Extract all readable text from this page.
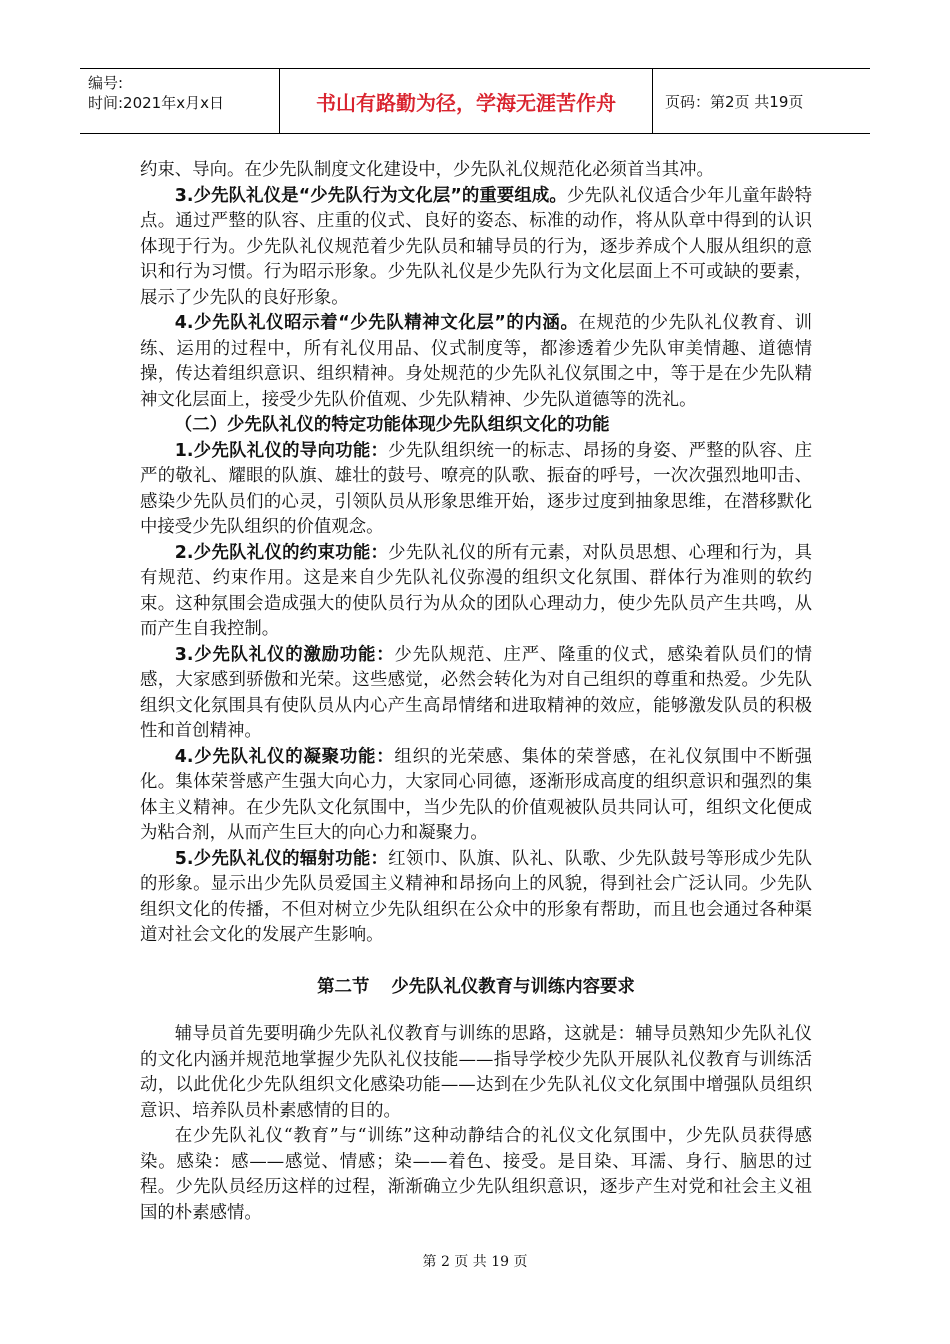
编号:
时间:2021年x月x日	书山有路勤为径，学海无涯苦作舟	页码：第2页 共19页

约束、导向。在少先队制度文化建设中，少先队礼仪规范化必须首当其冲。

3.少先队礼仪是“少先队行为文化层”的重要组成。少先队礼仪适合少年儿童年龄特点。通过严整的队容、庄重的仪式、良好的姿态、标准的动作，将从队章中得到的认识体现于行为。少先队礼仪规范着少先队员和辅导员的行为，逐步养成个人服从组织的意识和行为习惯。行为昭示形象。少先队礼仪是少先队行为文化层面上不可或缺的要素，展示了少先队的良好形象。

4.少先队礼仪昭示着“少先队精神文化层”的内涵。在规范的少先队礼仪教育、训练、运用的过程中，所有礼仪用品、仪式制度等，都渗透着少先队审美情趣、道德情操，传达着组织意识、组织精神。身处规范的少先队礼仪氛围之中，等于是在少先队精神文化层面上，接受少先队价值观、少先队精神、少先队道德等的洗礼。

（二）少先队礼仪的特定功能体现少先队组织文化的功能

1.少先队礼仪的导向功能：少先队组织统一的标志、昂扬的身姿、严整的队容、庄严的敬礼、耀眼的队旗、雄壮的鼓号、嘹亮的队歌、振奋的呼号，一次次强烈地叩击、感染少先队员们的心灵，引领队员从形象思维开始，逐步过度到抽象思维，在潜移默化中接受少先队组织的价值观念。

2.少先队礼仪的约束功能：少先队礼仪的所有元素，对队员思想、心理和行为，具有规范、约束作用。这是来自少先队礼仪弥漫的组织文化氛围、群体行为准则的软约束。这种氛围会造成强大的使队员行为从众的团队心理动力，使少先队员产生共鸣，从而产生自我控制。

3.少先队礼仪的激励功能：少先队规范、庄严、隆重的仪式，感染着队员们的情感，大家感到骄傲和光荣。这些感觉，必然会转化为对自己组织的尊重和热爱。少先队组织文化氛围具有使队员从内心产生高昂情绪和进取精神的效应，能够激发队员的积极性和首创精神。

4.少先队礼仪的凝聚功能：组织的光荣感、集体的荣誉感，在礼仪氛围中不断强化。集体荣誉感产生强大向心力，大家同心同德，逐渐形成高度的组织意识和强烈的集体主义精神。在少先队文化氛围中，当少先队的价值观被队员共同认可，组织文化便成为粘合剂，从而产生巨大的向心力和凝聚力。

5.少先队礼仪的辐射功能：红领巾、队旗、队礼、队歌、少先队鼓号等形成少先队的形象。显示出少先队员爱国主义精神和昂扬向上的风貌，得到社会广泛认同。少先队组织文化的传播，不但对树立少先队组织在公众中的形象有帮助，而且也会通过各种渠道对社会文化的发展产生影响。

第二节 少先队礼仪教育与训练内容要求

辅导员首先要明确少先队礼仪教育与训练的思路，这就是：辅导员熟知少先队礼仪的文化内涵并规范地掌握少先队礼仪技能——指导学校少先队开展队礼仪教育与训练活动，以此优化少先队组织文化感染功能——达到在少先队礼仪文化氛围中增强队员组织意识、培养队员朴素感情的目的。

在少先队礼仪“教育”与“训练”这种动静结合的礼仪文化氛围中，少先队员获得感染。感染：感——感觉、情感；染——着色、接受。是目染、耳濡、身行、脑思的过程。少先队员经历这样的过程，渐渐确立少先队组织意识，逐步产生对党和社会主义祖国的朴素感情。

第 2 页 共 19 页
